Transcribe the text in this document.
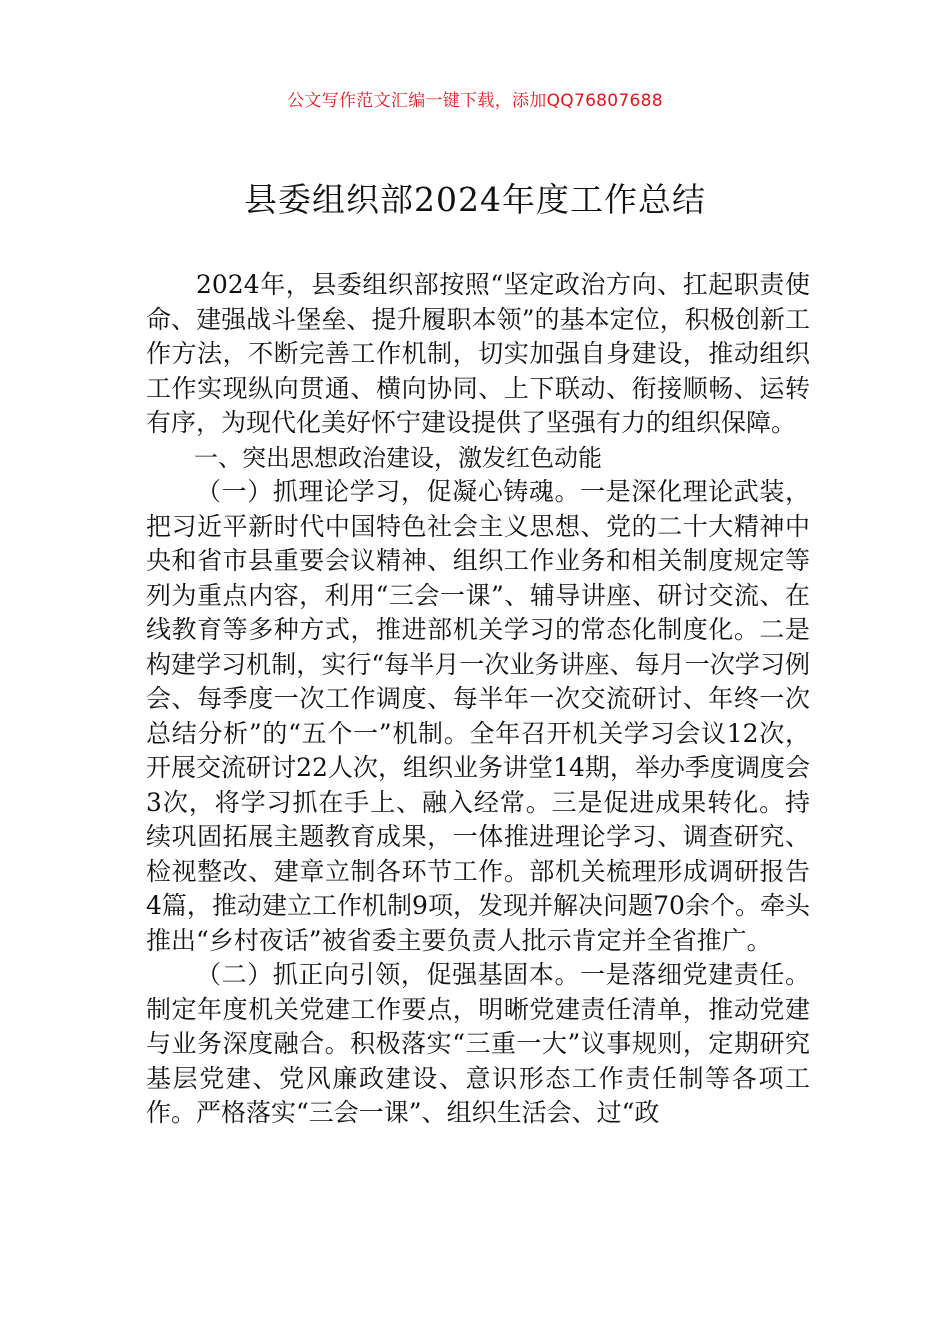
公文写作范文汇编一键下载，添加QQ76807688
县委组织部2024年度工作总结

2024年，县委组织部按照“坚定政治方向、扛起职责使命、建强战斗堡垒、提升履职本领”的基本定位，积极创新工作方法，不断完善工作机制，切实加强自身建设，推动组织工作实现纵向贯通、横向协同、上下联动、衔接顺畅、运转有序，为现代化美好怀宁建设提供了坚强有力的组织保障。

一、突出思想政治建设，激发红色动能

（一）抓理论学习，促凝心铸魂。一是深化理论武装，把习近平新时代中国特色社会主义思想、党的二十大精神中央和省市县重要会议精神、组织工作业务和相关制度规定等列为重点内容，利用“三会一课”、辅导讲座、研讨交流、在线教育等多种方式，推进部机关学习的常态化制度化。二是构建学习机制，实行“每半月一次业务讲座、每月一次学习例会、每季度一次工作调度、每半年一次交流研讨、年终一次总结分析”的“五个一”机制。全年召开机关学习会议12次，开展交流研讨22人次，组织业务讲堂14期，举办季度调度会3次，将学习抓在手上、融入经常。三是促进成果转化。持续巩固拓展主题教育成果，一体推进理论学习、调查研究、检视整改、建章立制各环节工作。部机关梳理形成调研报告4篇，推动建立工作机制9项，发现并解决问题70余个。牵头推出“乡村夜话”被省委主要负责人批示肯定并全省推广。

（二）抓正向引领，促强基固本。一是落细党建责任。制定年度机关党建工作要点，明晰党建责任清单，推动党建与业务深度融合。积极落实“三重一大”议事规则，定期研究基层党建、党风廉政建设、意识形态工作责任制等各项工作。严格落实“三会一课”、组织生活会、过“政
